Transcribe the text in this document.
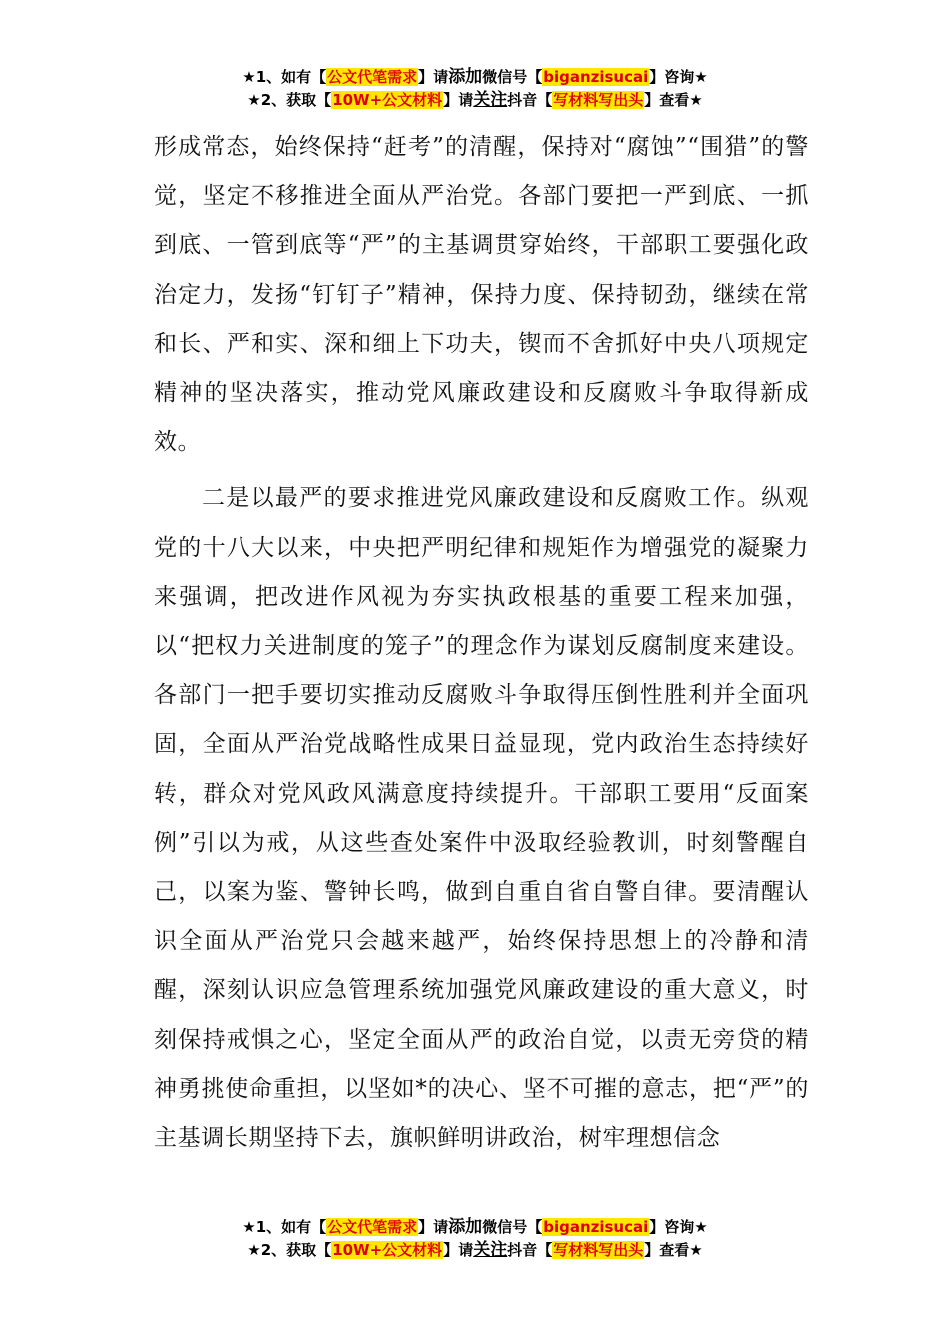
★1、如有【公文代笔需求】请添加微信号【biganzisucai】咨询★
★2、获取【10W+公文材料】请关注抖音【写材料写出头】查看★

形成常态，始终保持“赶考”的清醒，保持对“腐蚀”“围猎”的警觉，坚定不移推进全面从严治党。各部门要把一严到底、一抓到底、一管到底等“严”的主基调贯穿始终，干部职工要强化政治定力，发扬“钉钉子”精神，保持力度、保持韧劲，继续在常和长、严和实、深和细上下功夫，锲而不舍抓好中央八项规定精神的坚决落实，推动党风廉政建设和反腐败斗争取得新成效。

二是以最严的要求推进党风廉政建设和反腐败工作。纵观党的十八大以来，中央把严明纪律和规矩作为增强党的凝聚力来强调，把改进作风视为夯实执政根基的重要工程来加强，以“把权力关进制度的笼子”的理念作为谋划反腐制度来建设。各部门一把手要切实推动反腐败斗争取得压倒性胜利并全面巩固，全面从严治党战略性成果日益显现，党内政治生态持续好转，群众对党风政风满意度持续提升。干部职工要用“反面案例”引以为戒，从这些查处案件中汲取经验教训，时刻警醒自己，以案为鉴、警钟长鸣，做到自重自省自警自律。要清醒认识全面从严治党只会越来越严，始终保持思想上的冷静和清醒，深刻认识应急管理系统加强党风廉政建设的重大意义，时刻保持戒惧之心，坚定全面从严的政治自觉，以责无旁贷的精神勇挑使命重担，以坚如*的决心、坚不可摧的意志，把“严”的主基调长期坚持下去，旗帜鲜明讲政治，树牢理想信念

★1、如有【公文代笔需求】请添加微信号【biganzisucai】咨询★
★2、获取【10W+公文材料】请关注抖音【写材料写出头】查看★
